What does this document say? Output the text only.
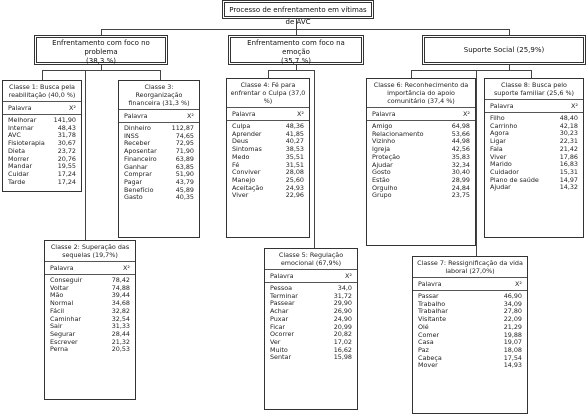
Processo de enfrentamento em vítimas de AVC
Enfrentamento com foco no problema
(38,3 %)
Enfrentamento com foco na emoção
(35,7 %)
Suporte Social (25,9%)
Classe 1: Busca pela reabilitação (40,0 %)
Palavra	X²
Melhorar	141,90
Internar	48,43
AVC	31,78
Fisioterapia 30,67
Dieta	23,72
Morrer	20,76
Mandar	19,55
Cuidar	17,24
Tarde	17,24
Classe 3: Reorganização financeira (31,3 %)
Palavra	X²
Dinheiro	112,87
INSS	74,65
Receber	72,95
Aposentar	71,90
Financeiro	63,89
Ganhar	63,85
Comprar	51,90
Pagar	43,79
Benefício	45,89
Gasto	40,35
Classe 2: Superação das sequelas (19,7%)
Palavra	X²
Conseguir	78,42
Voltar	74,88
Mão	39,44
Normal	34,68
Fácil	32,82
Caminhar	32,54
Sair	31,33
Segurar	28,44
Escrever	21,32
Perna	20,53
Classe 4: Fé para enfrentar o Culpa (37,0 %)
Palavra	X²
Culpa	48,36
Aprender	41,85
Deus	40,27
Sintomas	38,53
Medo	35,51
Fé	31,51
Conviver	28,08
Manejo	25,60
Aceitação	24,93
Viver	22,96
Classe 5: Regulação emocional (67,9%)
Palavra	X²
Pessoa	34,0
Terminar	31,72
Passear	29,90
Achar	26,90
Puxar	24,90
Ficar	20,99
Ocorrer	20,82
Ver	17,02
Muito	16,62
Sentar	15,98
Classe 6: Reconhecimento da importância do apoio comunitário (37,4 %)
Palavra	X²
Amigo	64,98
Relacionamento	53,66
Vizinho	44,98
Igreja	42,56
Proteção	35,83
Ajudar	32,34
Gosto	30,40
Estão	28,99
Orgulho	24,84
Grupo	23,75
Classe 8: Busca pelo suporte familiar (25,6 %)
Palavra	X²
Filho	48,40
Carrinho	42,18
Agora	30,23
Ligar	22,31
Fala	21,42
Viver	17,86
Marido	16,83
Cuidador	15,31
Plano de saúde	14,97
Ajudar	14,32
Classe 7: Ressignificação da vida laboral (27,0%)
Palavra	X²
Passar	46,90
Trabalho	34,09
Trabalhar	27,80
Visitante	22,09
Olé	21,29
Comer	19,88
Casa	19,07
Paz	18,08
Cabeça	17,54
Mover	14,93
